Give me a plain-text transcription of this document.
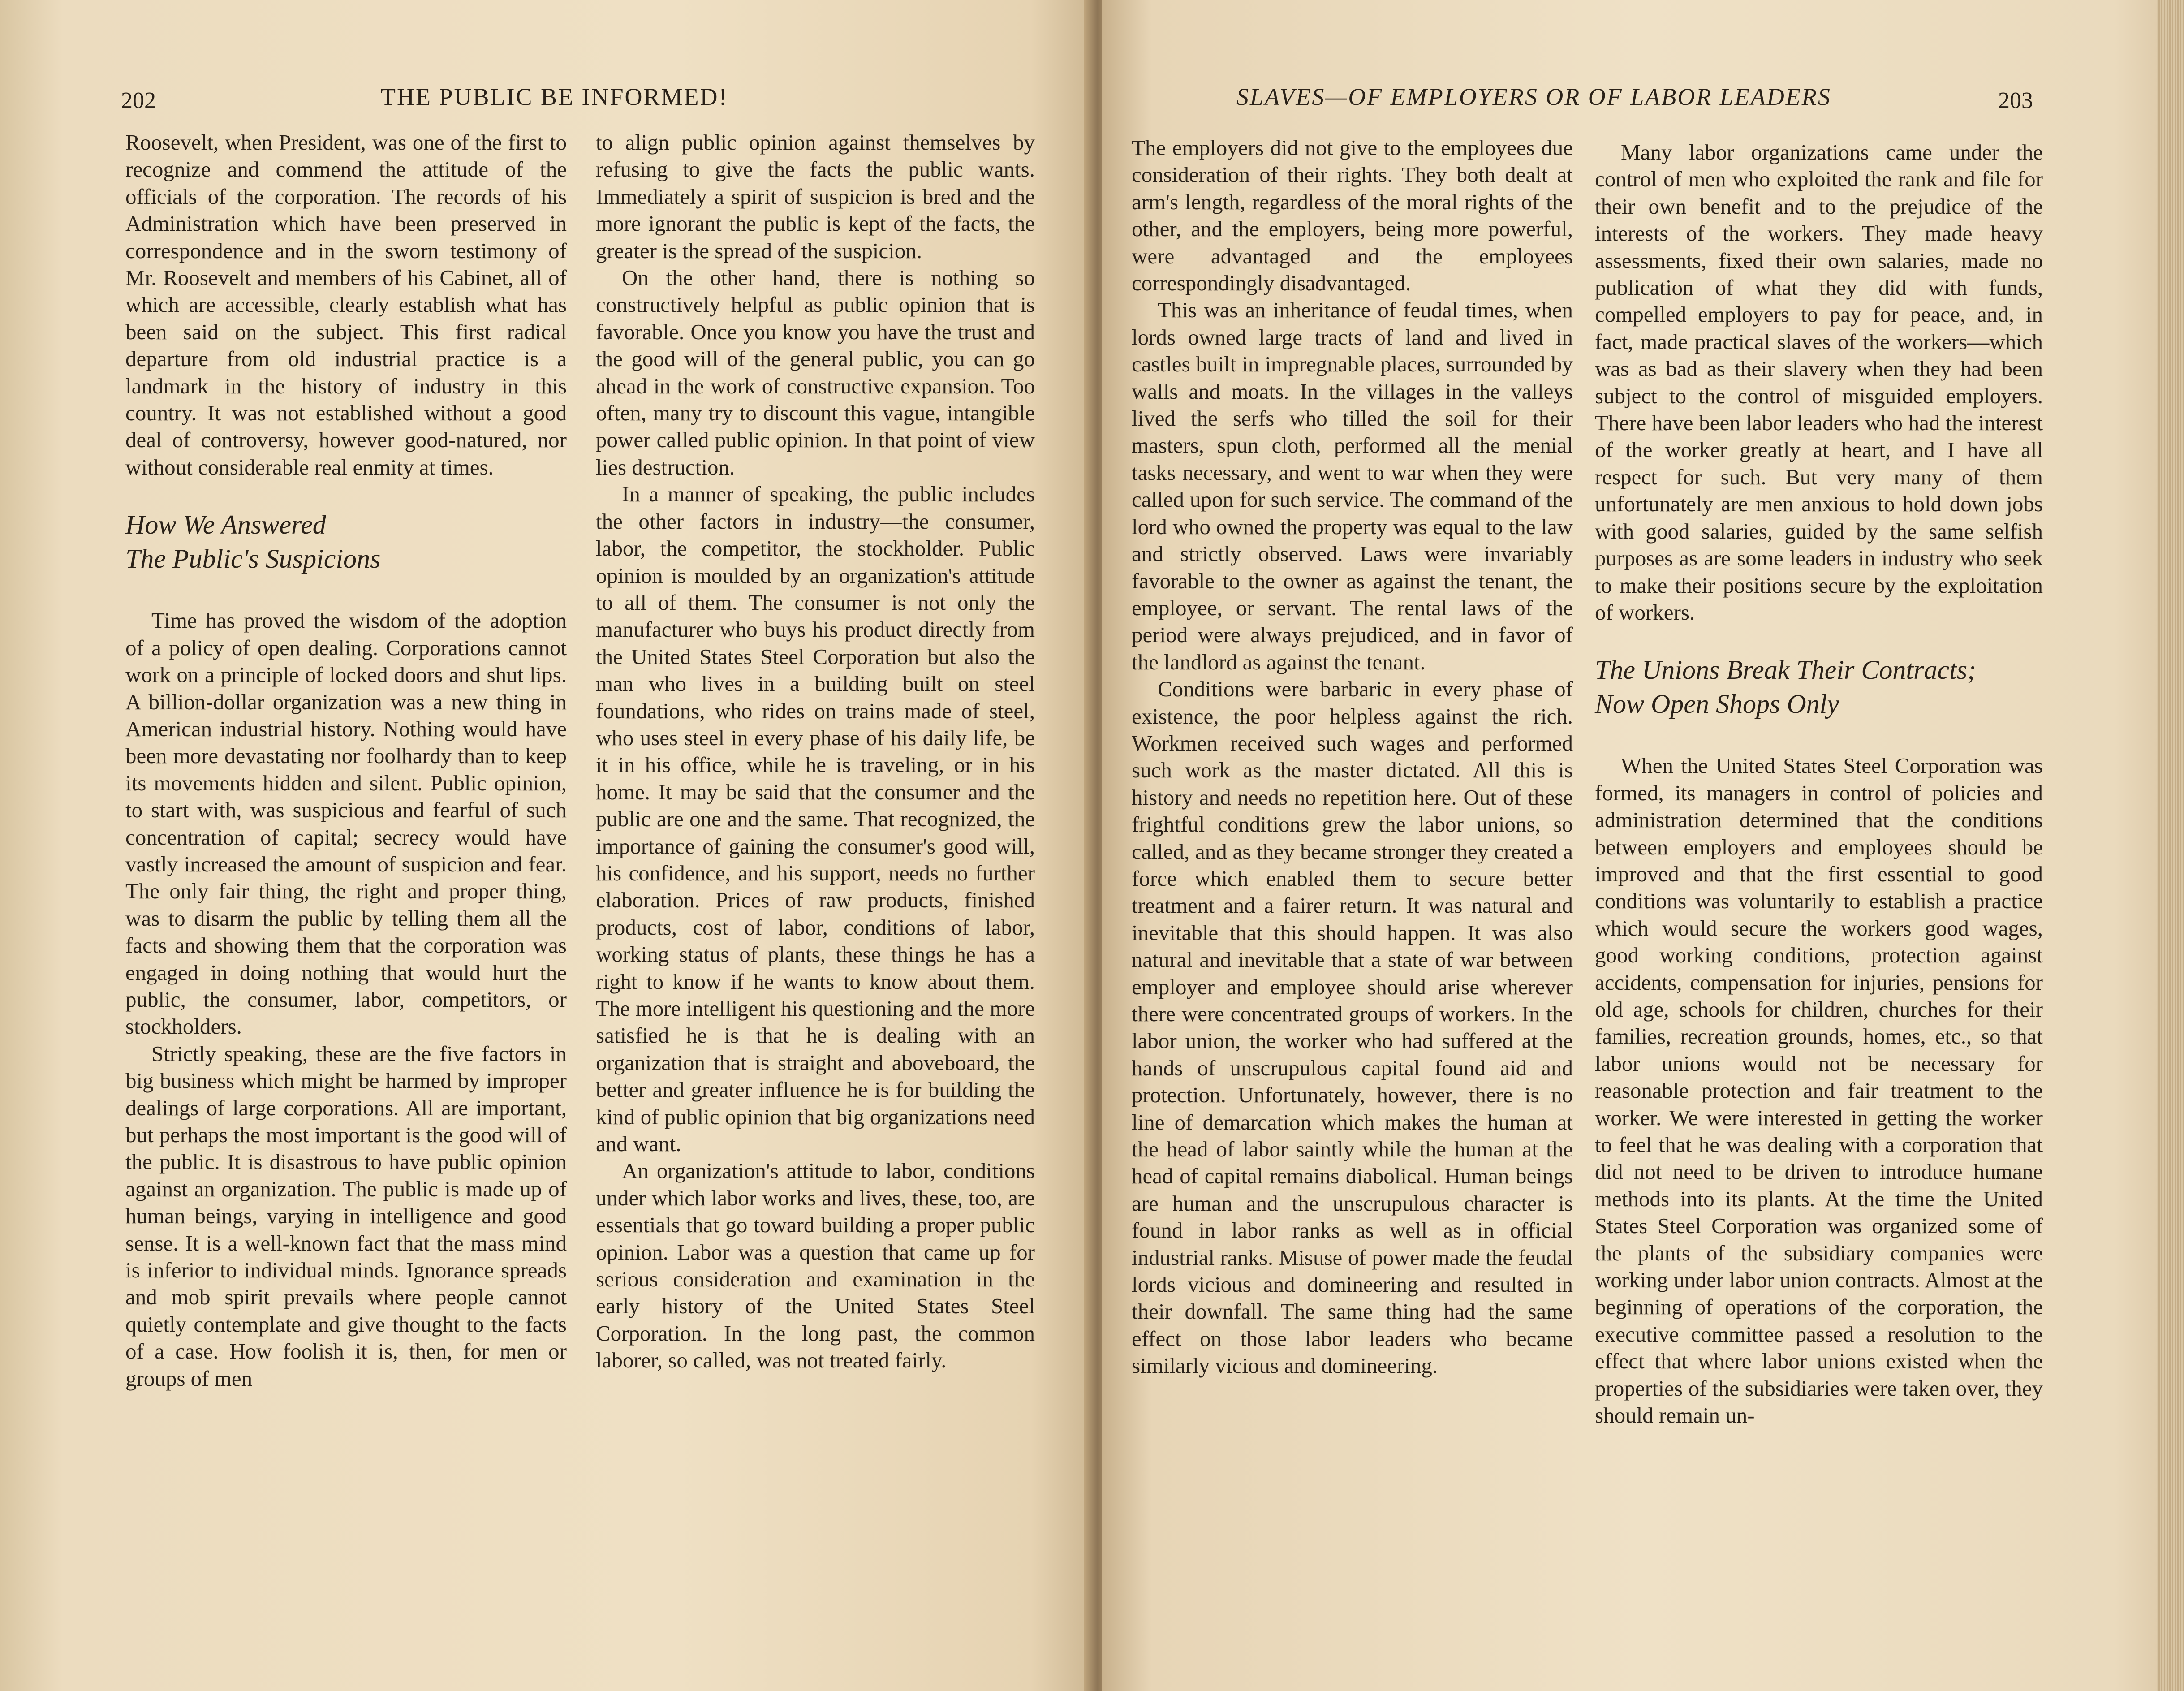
202	THE PUBLIC BE INFORMED!

Roosevelt, when President, was one of the first to recognize and commend the attitude of the officials of the corporation. The records of his Administration which have been preserved in correspondence and in the sworn testimony of Mr. Roosevelt and members of his Cabinet, all of which are accessible, clearly establish what has been said on the subject. This first radical departure from old industrial practice is a landmark in the history of industry in this country. It was not established without a good deal of controversy, however good-natured, nor without considerable real enmity at times.

How We Answered
The Public's Suspicions

Time has proved the wisdom of the adoption of a policy of open dealing. Corporations cannot work on a principle of locked doors and shut lips. A billion-dollar organization was a new thing in American industrial history. Nothing would have been more devastating nor foolhardy than to keep its movements hidden and silent. Public opinion, to start with, was suspicious and fearful of such concentration of capital; secrecy would have vastly increased the amount of suspicion and fear. The only fair thing, the right and proper thing, was to disarm the public by telling them all the facts and showing them that the corporation was engaged in doing nothing that would hurt the public, the consumer, labor, competitors, or stockholders.

Strictly speaking, these are the five factors in big business which might be harmed by improper dealings of large corporations. All are important, but perhaps the most important is the good will of the public. It is disastrous to have public opinion against an organization. The public is made up of human beings, varying in intelligence and good sense. It is a well-known fact that the mass mind is inferior to individual minds. Ignorance spreads and mob spirit prevails where people cannot quietly contemplate and give thought to the facts of a case. How foolish it is, then, for men or groups of men

to align public opinion against themselves by refusing to give the facts the public wants. Immediately a spirit of suspicion is bred and the more ignorant the public is kept of the facts, the greater is the spread of the suspicion.

On the other hand, there is nothing so constructively helpful as public opinion that is favorable. Once you know you have the trust and the good will of the general public, you can go ahead in the work of constructive expansion. Too often, many try to discount this vague, intangible power called public opinion. In that point of view lies destruction.

In a manner of speaking, the public includes the other factors in industry—the consumer, labor, the competitor, the stockholder. Public opinion is moulded by an organization's attitude to all of them. The consumer is not only the manufacturer who buys his product directly from the United States Steel Corporation but also the man who lives in a building built on steel foundations, who rides on trains made of steel, who uses steel in every phase of his daily life, be it in his office, while he is traveling, or in his home. It may be said that the consumer and the public are one and the same. That recognized, the importance of gaining the consumer's good will, his confidence, and his support, needs no further elaboration. Prices of raw products, finished products, cost of labor, conditions of labor, working status of plants, these things he has a right to know if he wants to know about them. The more intelligent his questioning and the more satisfied he is that he is dealing with an organization that is straight and aboveboard, the better and greater influence he is for building the kind of public opinion that big organizations need and want.

An organization's attitude to labor, conditions under which labor works and lives, these, too, are essentials that go toward building a proper public opinion. Labor was a question that came up for serious consideration and examination in the early history of the United States Steel Corporation. In the long past, the common laborer, so called, was not treated fairly.

SLAVES—OF EMPLOYERS OR OF LABOR LEADERS	203

The employers did not give to the employees due consideration of their rights. They both dealt at arm's length, regardless of the moral rights of the other, and the employers, being more powerful, were advantaged and the employees correspondingly disadvantaged.

This was an inheritance of feudal times, when lords owned large tracts of land and lived in castles built in impregnable places, surrounded by walls and moats. In the villages in the valleys lived the serfs who tilled the soil for their masters, spun cloth, performed all the menial tasks necessary, and went to war when they were called upon for such service. The command of the lord who owned the property was equal to the law and strictly observed. Laws were invariably favorable to the owner as against the tenant, the employee, or servant. The rental laws of the period were always prejudiced, and in favor of the landlord as against the tenant.

Conditions were barbaric in every phase of existence, the poor helpless against the rich. Workmen received such wages and performed such work as the master dictated. All this is history and needs no repetition here. Out of these frightful conditions grew the labor unions, so called, and as they became stronger they created a force which enabled them to secure better treatment and a fairer return. It was natural and inevitable that this should happen. It was also natural and inevitable that a state of war between employer and employee should arise wherever there were concentrated groups of workers. In the labor union, the worker who had suffered at the hands of unscrupulous capital found aid and protection. Unfortunately, however, there is no line of demarcation which makes the human at the head of labor saintly while the human at the head of capital remains diabolical. Human beings are human and the unscrupulous character is found in labor ranks as well as in official industrial ranks. Misuse of power made the feudal lords vicious and domineering and resulted in their downfall. The same thing had the same effect on those labor leaders who became similarly vicious and domineering.

Many labor organizations came under the control of men who exploited the rank and file for their own benefit and to the prejudice of the interests of the workers. They made heavy assessments, fixed their own salaries, made no publication of what they did with funds, compelled employers to pay for peace, and, in fact, made practical slaves of the workers—which was as bad as their slavery when they had been subject to the control of misguided employers. There have been labor leaders who had the interest of the worker greatly at heart, and I have all respect for such. But very many of them unfortunately are men anxious to hold down jobs with good salaries, guided by the same selfish purposes as are some leaders in industry who seek to make their positions secure by the exploitation of workers.

The Unions Break Their Contracts;
Now Open Shops Only

When the United States Steel Corporation was formed, its managers in control of policies and administration determined that the conditions between employers and employees should be improved and that the first essential to good conditions was voluntarily to establish a practice which would secure the workers good wages, good working conditions, protection against accidents, compensation for injuries, pensions for old age, schools for children, churches for their families, recreation grounds, homes, etc., so that labor unions would not be necessary for reasonable protection and fair treatment to the worker. We were interested in getting the worker to feel that he was dealing with a corporation that did not need to be driven to introduce humane methods into its plants. At the time the United States Steel Corporation was organized some of the plants of the subsidiary companies were working under labor union contracts. Almost at the beginning of operations of the corporation, the executive committee passed a resolution to the effect that where labor unions existed when the properties of the subsidiaries were taken over, they should remain un-
